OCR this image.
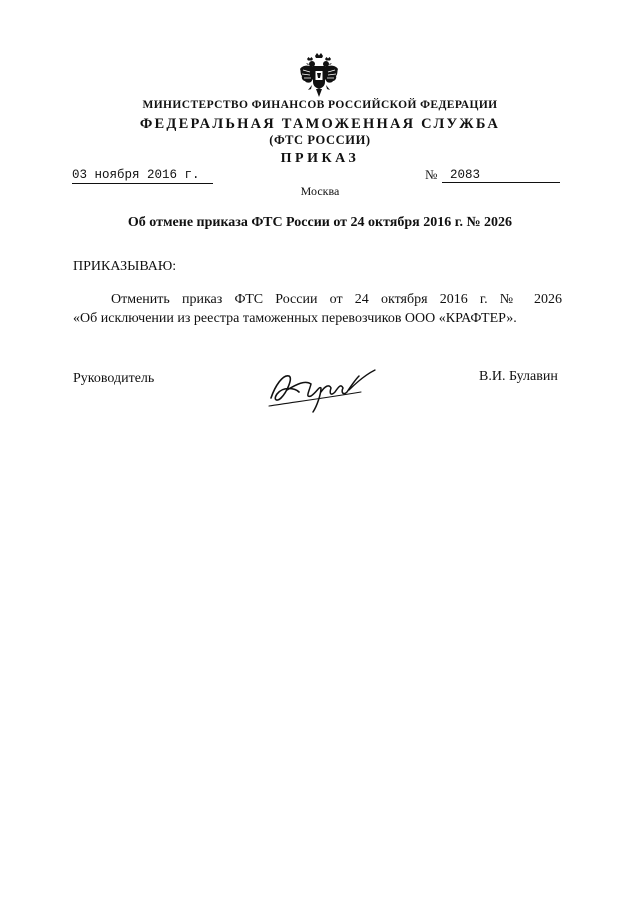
МИНИСТЕРСТВО ФИНАНСОВ РОССИЙСКОЙ ФЕДЕРАЦИИ
ФЕДЕРАЛЬНАЯ ТАМОЖЕННАЯ СЛУЖБА
(ФТС РОССИИ)
ПРИКАЗ
03 ноября 2016 г.	№	2083
Москва
Об отмене приказа ФТС России от 24 октября 2016 г. № 2026
ПРИКАЗЫВАЮ:
Отменить приказ ФТС России от 24 октября 2016 г. № 2026
«Об исключении из реестра таможенных перевозчиков ООО «КРАФТЕР».
Руководитель	В.И. Булавин
